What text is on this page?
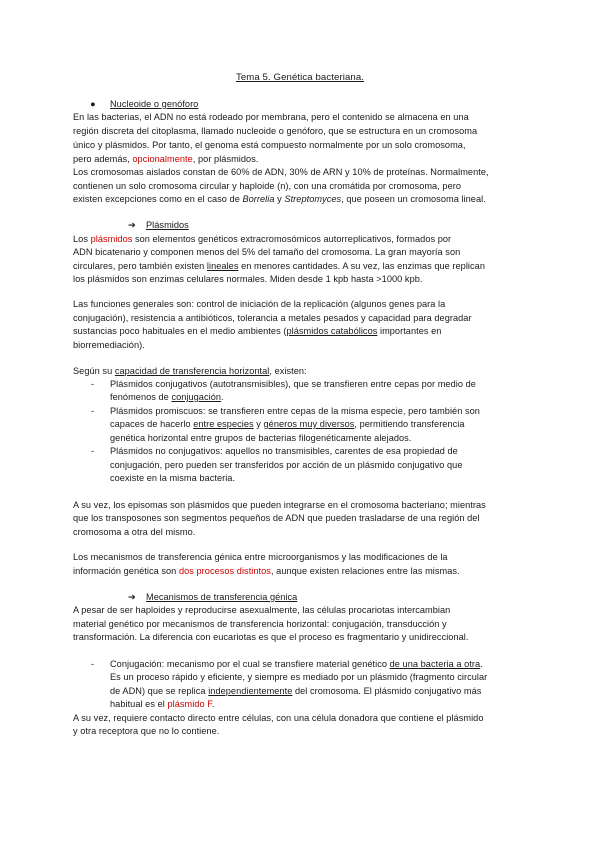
Tema 5. Genética bacteriana.
● Nucleoide o genóforo
En las bacterias, el ADN no está rodeado por membrana, pero el contenido se almacena en una
región discreta del citoplasma, llamado nucleoide o genóforo, que se estructura en un cromosoma
único y plásmidos. Por tanto, el genoma está compuesto normalmente por un solo cromosoma,
pero además, opcionalmente, por plásmidos.
Los cromosomas aislados constan de 60% de ADN, 30% de ARN y 10% de proteínas. Normalmente,
contienen un solo cromosoma circular y haploide (n), con una cromátida por cromosoma, pero
existen excepciones como en el caso de Borrelia y Streptomyces, que poseen un cromosoma lineal.
➔ Plásmidos
Los plásmidos son elementos genéticos extracromosómicos autorreplicativos, formados por
ADN bicatenario y componen menos del 5% del tamaño del cromosoma. La gran mayoría son
circulares, pero también existen lineales en menores cantidades. A su vez, las enzimas que replican
los plásmidos son enzimas celulares normales. Miden desde 1 kpb hasta >1000 kpb.
Las funciones generales son: control de iniciación de la replicación (algunos genes para la
conjugación), resistencia a antibióticos, tolerancia a metales pesados y capacidad para degradar
sustancias poco habituales en el medio ambientes (plásmidos catabólicos importantes en
biorremediación).
Según su capacidad de transferencia horizontal, existen:
- Plásmidos conjugativos (autotransmisibles), que se transfieren entre cepas por medio de
fenómenos de conjugación.
- Plásmidos promiscuos: se transfieren entre cepas de la misma especie, pero también son
capaces de hacerlo entre especies y géneros muy diversos, permitiendo transferencia
genética horizontal entre grupos de bacterias filogenéticamente alejados.
- Plásmidos no conjugativos: aquellos no transmisibles, carentes de esa propiedad de
conjugación, pero pueden ser transferidos por acción de un plásmido conjugativo que
coexiste en la misma bacteria.
A su vez, los episomas son plásmidos que pueden integrarse en el cromosoma bacteriano; mientras
que los transposones son segmentos pequeños de ADN que pueden trasladarse de una región del
cromosoma a otra del mismo.
Los mecanismos de transferencia génica entre microorganismos y las modificaciones de la
información genética son dos procesos distintos, aunque existen relaciones entre las mismas.
➔ Mecanismos de transferencia génica
A pesar de ser haploides y reproducirse asexualmente, las células procariotas intercambian
material genético por mecanismos de transferencia horizontal: conjugación, transducción y
transformación. La diferencia con eucariotas es que el proceso es fragmentario y unidireccional.
- Conjugación: mecanismo por el cual se transfiere material genético de una bacteria a otra.
Es un proceso rápido y eficiente, y siempre es mediado por un plásmido (fragmento circular
de ADN) que se replica independientemente del cromosoma. El plásmido conjugativo más
habitual es el plásmido F.
A su vez, requiere contacto directo entre células, con una célula donadora que contiene el plásmido
y otra receptora que no lo contiene.
